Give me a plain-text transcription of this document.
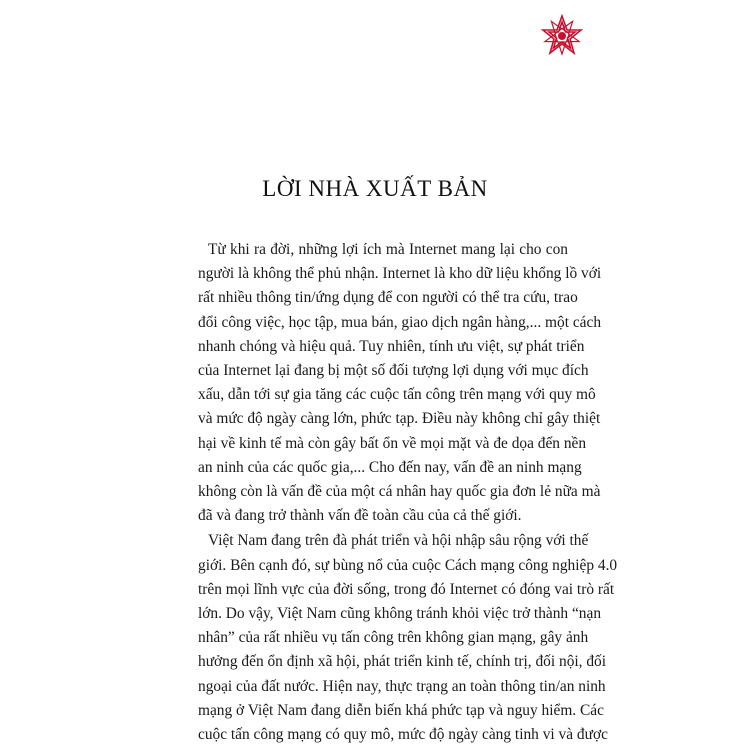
LỜI NHÀ XUẤT BẢN
Từ khi ra đời, những lợi ích mà Internet mang lại cho con
người là không thể phủ nhận. Internet là kho dữ liệu khổng lồ với
rất nhiều thông tin/ứng dụng để con người có thể tra cứu, trao
đổi công việc, học tập, mua bán, giao dịch ngân hàng,... một cách
nhanh chóng và hiệu quả. Tuy nhiên, tính ưu việt, sự phát triển
của Internet lại đang bị một số đối tượng lợi dụng với mục đích
xấu, dẫn tới sự gia tăng các cuộc tấn công trên mạng với quy mô
và mức độ ngày càng lớn, phức tạp. Điều này không chỉ gây thiệt
hại về kinh tế mà còn gây bất ổn về mọi mặt và đe dọa đến nền
an ninh của các quốc gia,... Cho đến nay, vấn đề an ninh mạng
không còn là vấn đề của một cá nhân hay quốc gia đơn lẻ nữa mà
đã và đang trở thành vấn đề toàn cầu của cả thế giới.
Việt Nam đang trên đà phát triển và hội nhập sâu rộng với thế
giới. Bên cạnh đó, sự bùng nổ của cuộc Cách mạng công nghiệp 4.0
trên mọi lĩnh vực của đời sống, trong đó Internet có đóng vai trò rất
lớn. Do vậy, Việt Nam cũng không tránh khỏi việc trở thành “nạn
nhân” của rất nhiều vụ tấn công trên không gian mạng, gây ảnh
hưởng đến ổn định xã hội, phát triển kinh tế, chính trị, đối nội, đối
ngoại của đất nước. Hiện nay, thực trạng an toàn thông tin/an ninh
mạng ở Việt Nam đang diễn biến khá phức tạp và nguy hiểm. Các
cuộc tấn công mạng có quy mô, mức độ ngày càng tinh vi và được
